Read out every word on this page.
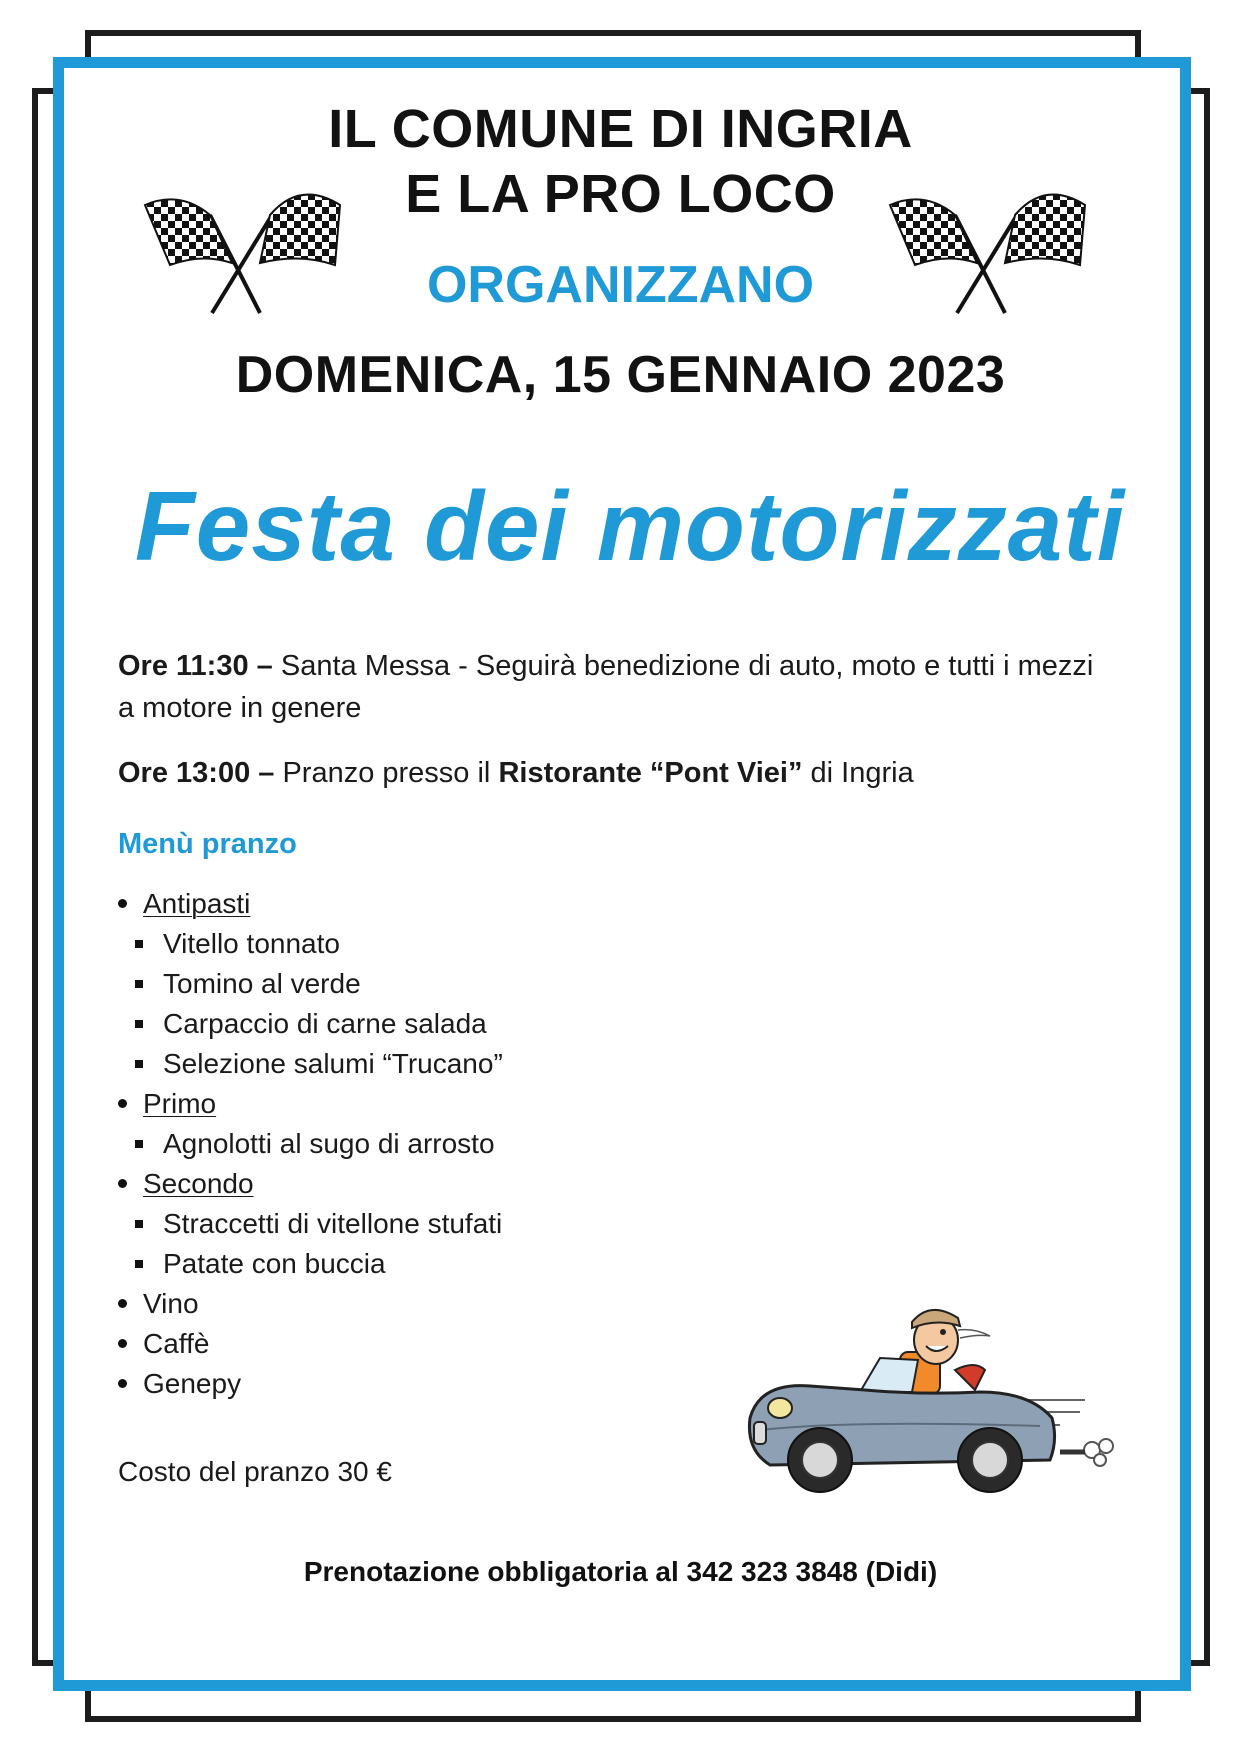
IL COMUNE DI INGRIA
E LA PRO LOCO
ORGANIZZANO
DOMENICA, 15 GENNAIO 2023
Festa dei motorizzati
Ore 11:30 – Santa Messa - Seguirà benedizione di auto, moto e tutti i mezzi a motore in genere
Ore 13:00 – Pranzo presso il Ristorante “Pont Viei” di Ingria
Menù pranzo
Antipasti
Vitello tonnato
Tomino al verde
Carpaccio di carne salada
Selezione salumi “Trucano”
Primo
Agnolotti al sugo di arrosto
Secondo
Straccetti di vitellone stufati
Patate con buccia
Vino
Caffè
Genepy
Costo del pranzo 30 €
Prenotazione obbligatoria al 342 323 3848 (Didi)
